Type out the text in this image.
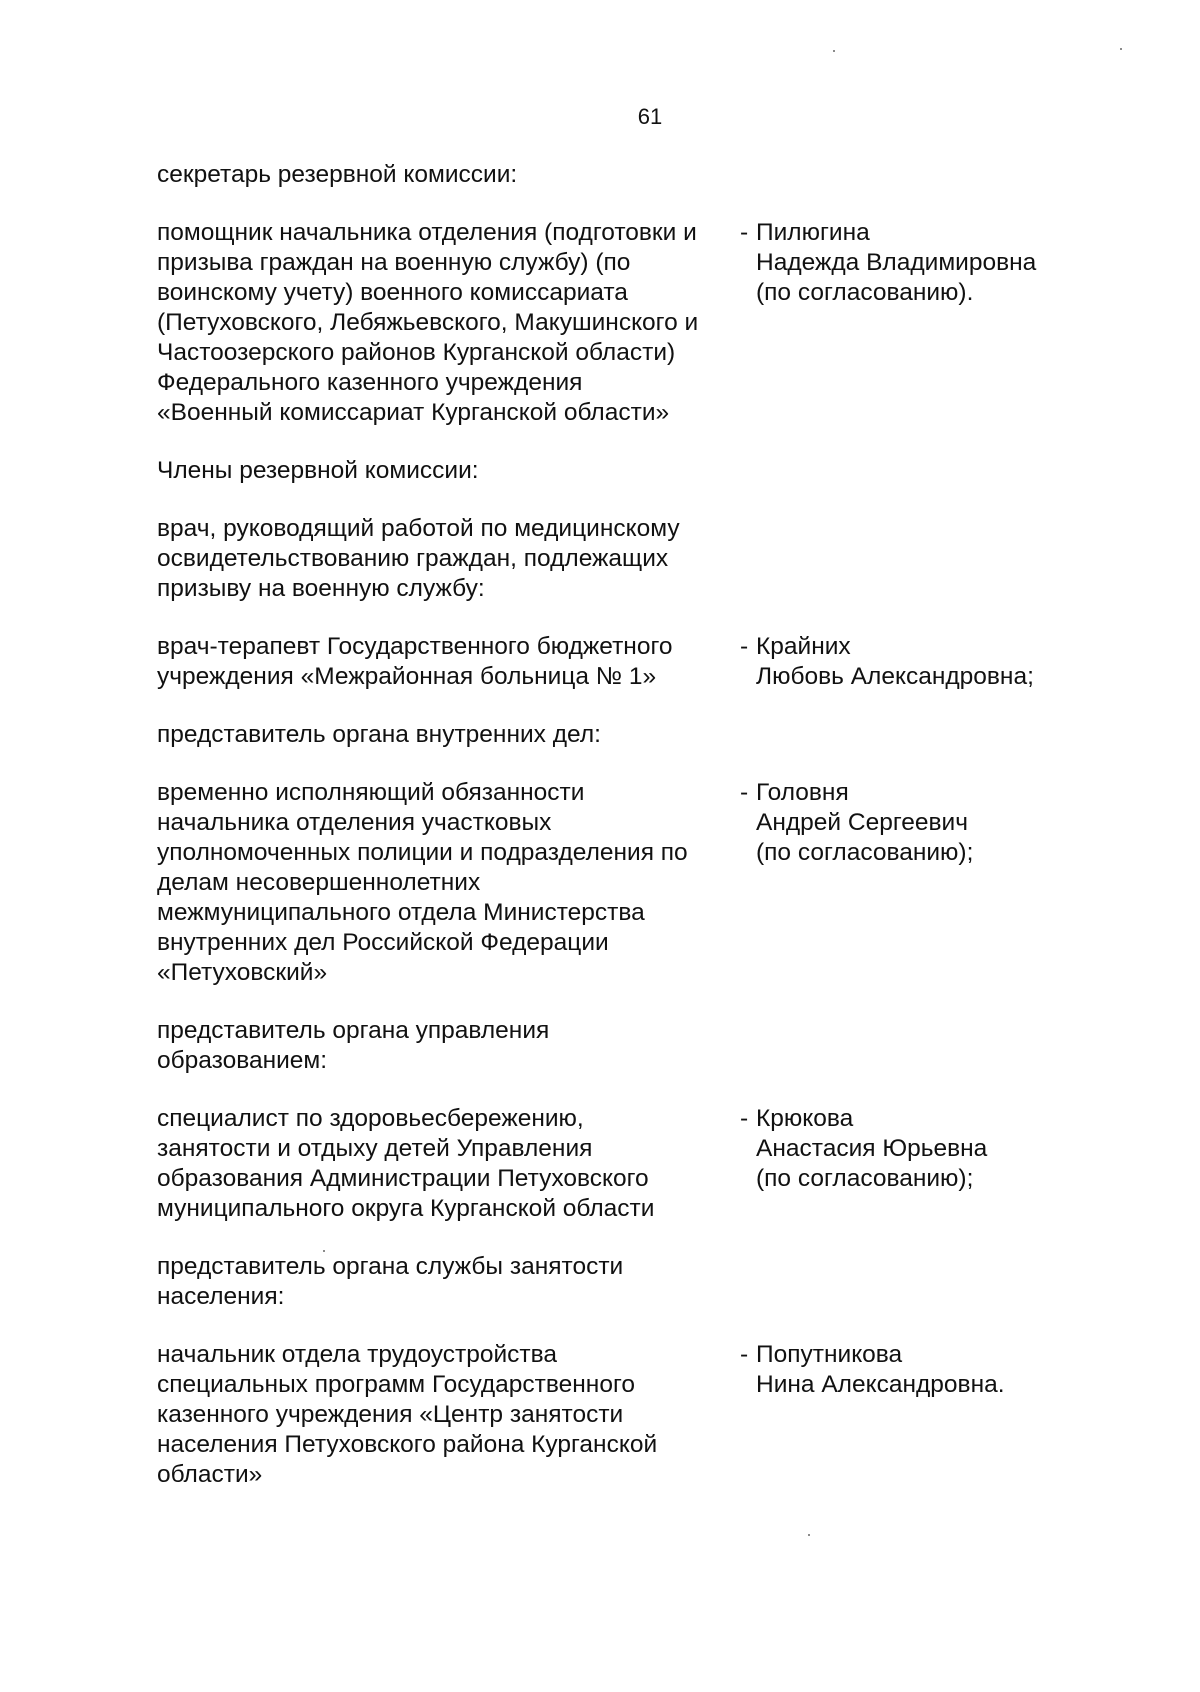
61
секретарь резервной комиссии:
помощник начальника отделения (подготовки и
призыва граждан на военную службу) (по
воинскому учету) военного комиссариата
(Петуховского, Лебяжьевского, Макушинского и
Частоозерского районов Курганской области)
Федерального казенного учреждения
«Военный комиссариат Курганской области»
- Пилюгина
Надежда Владимировна
(по согласованию).
Члены резервной комиссии:
врач, руководящий работой по медицинскому
освидетельствованию граждан, подлежащих
призыву на военную службу:
врач-терапевт Государственного бюджетного
учреждения «Межрайонная больница № 1»
- Крайних
Любовь Александровна;
представитель органа внутренних дел:
временно исполняющий обязанности
начальника отделения участковых
уполномоченных полиции и подразделения по
делам несовершеннолетних
межмуниципального отдела Министерства
внутренних дел Российской Федерации
«Петуховский»
- Головня
Андрей Сергеевич
(по согласованию);
представитель органа управления
образованием:
специалист по здоровьесбережению,
занятости и отдыху детей Управления
образования Администрации Петуховского
муниципального округа Курганской области
- Крюкова
Анастасия Юрьевна
(по согласованию);
представитель органа службы занятости
населения:
начальник отдела трудоустройства
специальных программ Государственного
казенного учреждения «Центр занятости
населения Петуховского района Курганской
области»
- Попутникова
Нина Александровна.
